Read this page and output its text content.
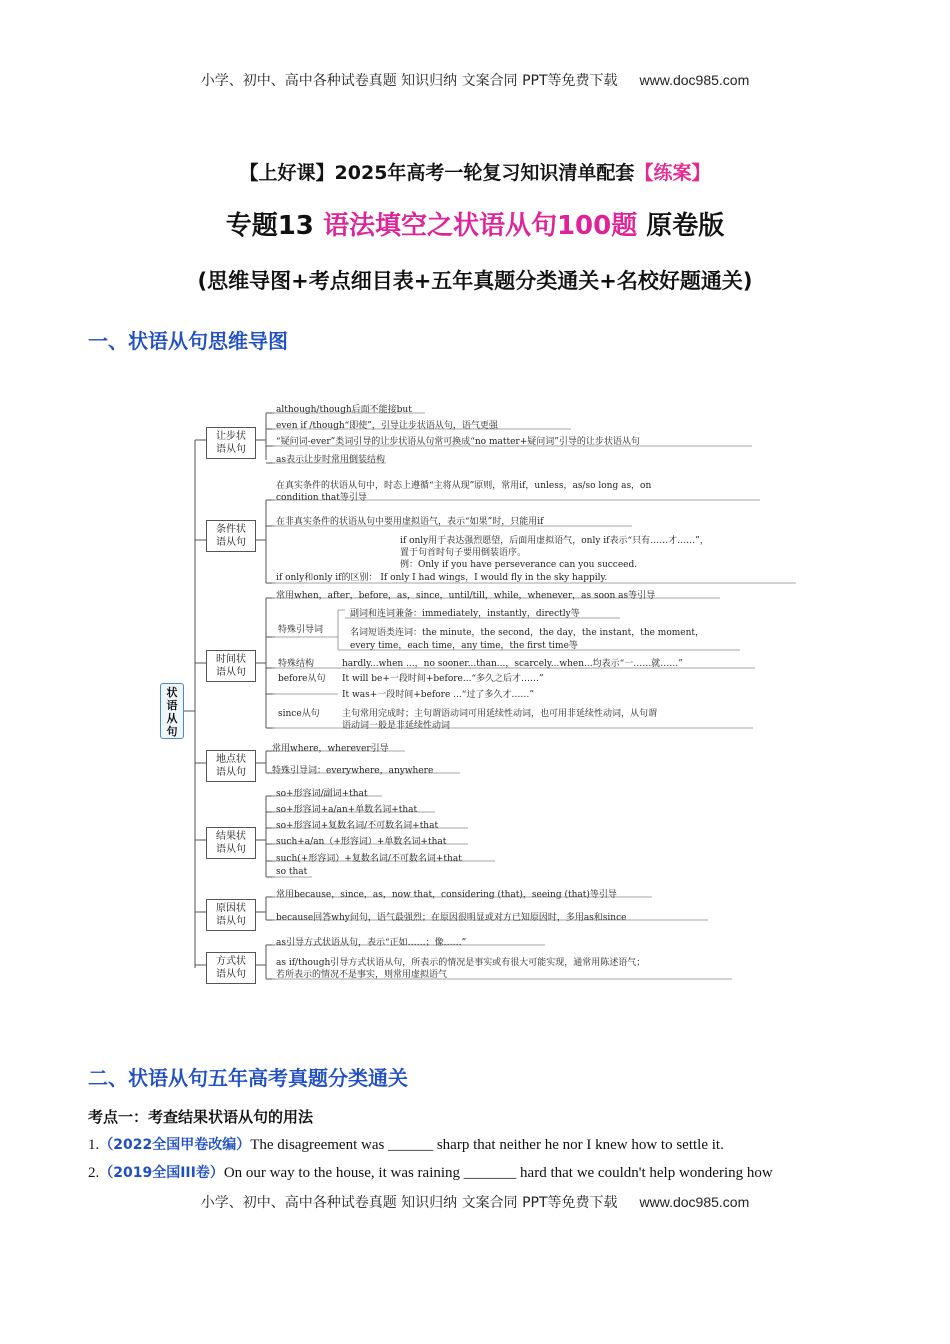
小学、初中、高中各种试卷真题 知识归纳 文案合同 PPT等免费下载 www.doc985.com
【上好课】2025年高考一轮复习知识清单配套【练案】
专题13 语法填空之状语从句100题 原卷版
(思维导图+考点细目表+五年真题分类通关+名校好题通关)
一、状语从句思维导图
状
语
从
句
让步状
语从句
条件状
语从句
时间状
语从句
地点状
语从句
结果状
语从句
原因状
语从句
方式状
语从句
although/though后面不能接but
even if /though“即使”，引导让步状语从句，语气更强
“疑问词-ever”类词引导的让步状语从句常可换成“no matter+疑问词”引导的让步状语从句
as表示让步时常用倒装结构
在真实条件的状语从句中，时态上遵循“主将从现”原则，常用if，unless，as/so long as，on
condition that等引导
在非真实条件的状语从句中要用虚拟语气，表示“如果”时，只能用if
if only用于表达强烈愿望，后面用虚拟语气，only if表示“只有……才……”，
置于句首时句子要用倒装语序。
例：Only if you have perseverance can you succeed.
if only和only if的区别： If only I had wings，I would fly in the sky happily.
常用when，after，before，as，since，until/till，while，whenever，as soon as等引导
特殊引导词
副词和连词兼备：immediately，instantly，directly等
名词短语类连词：the minute，the second，the day，the instant，the moment，
every time，each time，any time，the first time等
特殊结构	hardly...when ...，no sooner...than...，scarcely...when...均表示“一……就……”
before从句 It will be+一段时间+before...“多久之后才……”
It was+一段时间+before ...“过了多久才……”
since从句 主句常用完成时；主句谓语动词可用延续性动词，也可用非延续性动词，从句谓
语动词一般是非延续性动词
常用where，wherever引导
特殊引导词：everywhere，anywhere
so+形容词/副词+that
so+形容词+a/an+单数名词+that
so+形容词+复数名词/不可数名词+that
such+a/an（+形容词）+单数名词+that
such(+形容词）+复数名词/不可数名词+that
so that
常用because，since，as，now that，considering (that)，seeing (that)等引导
because回答why问句，语气最强烈；在原因很明显或对方已知原因时，多用as和since
as引导方式状语从句，表示“正如……；像……”
as if/though引导方式状语从句，所表示的情况是事实或有很大可能实现，通常用陈述语气；
若所表示的情况不是事实，则常用虚拟语气
二、状语从句五年高考真题分类通关
考点一：考查结果状语从句的用法
1.（2022全国甲卷改编）The disagreement was ______ sharp that neither he nor I knew how to settle it.
2.（2019全国III卷）On our way to the house, it was raining _______ hard that we couldn't help wondering how
小学、初中、高中各种试卷真题 知识归纳 文案合同 PPT等免费下载 www.doc985.com
